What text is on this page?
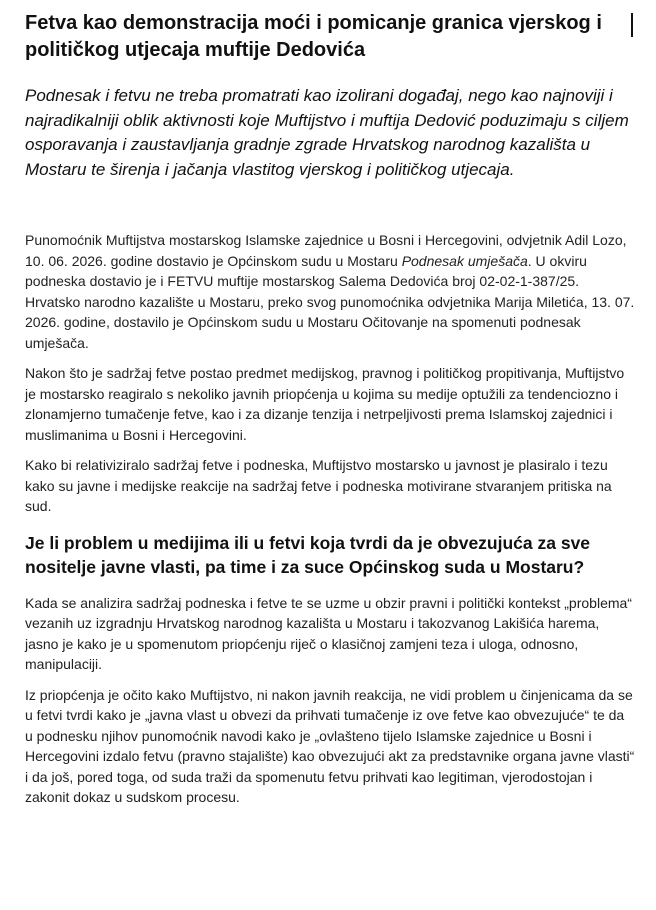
Fetva kao demonstracija moći i pomicanje granica vjerskog i političkog utjecaja muftije Dedovića

Podnesak i fetvu ne treba promatrati kao izolirani događaj, nego kao najnoviji i najradikalniji oblik aktivnosti koje Muftijstvo i muftija Dedović poduzimaju s ciljem osporavanja i zaustavljanja gradnje zgrade Hrvatskog narodnog kazališta u Mostaru te širenja i jačanja vlastitog vjerskog i političkog utjecaja.

Punomoćnik Muftijstva mostarskog Islamske zajednice u Bosni i Hercegovini, odvjetnik Adil Lozo, 10. 06. 2026. godine dostavio je Općinskom sudu u Mostaru Podnesak umješača. U okviru podneska dostavio je i FETVU muftije mostarskog Salema Dedovića broj 02-02-1-387/25. Hrvatsko narodno kazalište u Mostaru, preko svog punomoćnika odvjetnika Marija Miletića, 13. 07. 2026. godine, dostavilo je Općinskom sudu u Mostaru Očitovanje na spomenuti podnesak umješača.

Nakon što je sadržaj fetve postao predmet medijskog, pravnog i političkog propitivanja, Muftijstvo je mostarsko reagiralo s nekoliko javnih priopćenja u kojima su medije optužili za tendenciozno i zlonamjerno tumačenje fetve, kao i za dizanje tenzija i netrpeljivosti prema Islamskoj zajednici i muslimanima u Bosni i Hercegovini.

Kako bi relativiziralo sadržaj fetve i podneska, Muftijstvo mostarsko u javnost je plasiralo i tezu kako su javne i medijske reakcije na sadržaj fetve i podneska motivirane stvaranjem pritiska na sud.

Je li problem u medijima ili u fetvi koja tvrdi da je obvezujuća za sve nositelje javne vlasti, pa time i za suce Općinskog suda u Mostaru?

Kada se analizira sadržaj podneska i fetve te se uzme u obzir pravni i politički kontekst „problema“ vezanih uz izgradnju Hrvatskog narodnog kazališta u Mostaru i takozvanog Lakišića harema, jasno je kako je u spomenutom priopćenju riječ o klasičnoj zamjeni teza i uloga, odnosno, manipulaciji.

Iz priopćenja je očito kako Muftijstvo, ni nakon javnih reakcija, ne vidi problem u činjenicama da se u fetvi tvrdi kako je „javna vlast u obvezi da prihvati tumačenje iz ove fetve kao obvezujuće“ te da u podnesku njihov punomoćnik navodi kako je „ovlašteno tijelo Islamske zajednice u Bosni i Hercegovini izdalo fetvu (pravno stajalište) kao obvezujući akt za predstavnike organa javne vlasti“ i da još, pored toga, od suda traži da spomenutu fetvu prihvati kao legitiman, vjerodostojan i zakonit dokaz u sudskom procesu.
